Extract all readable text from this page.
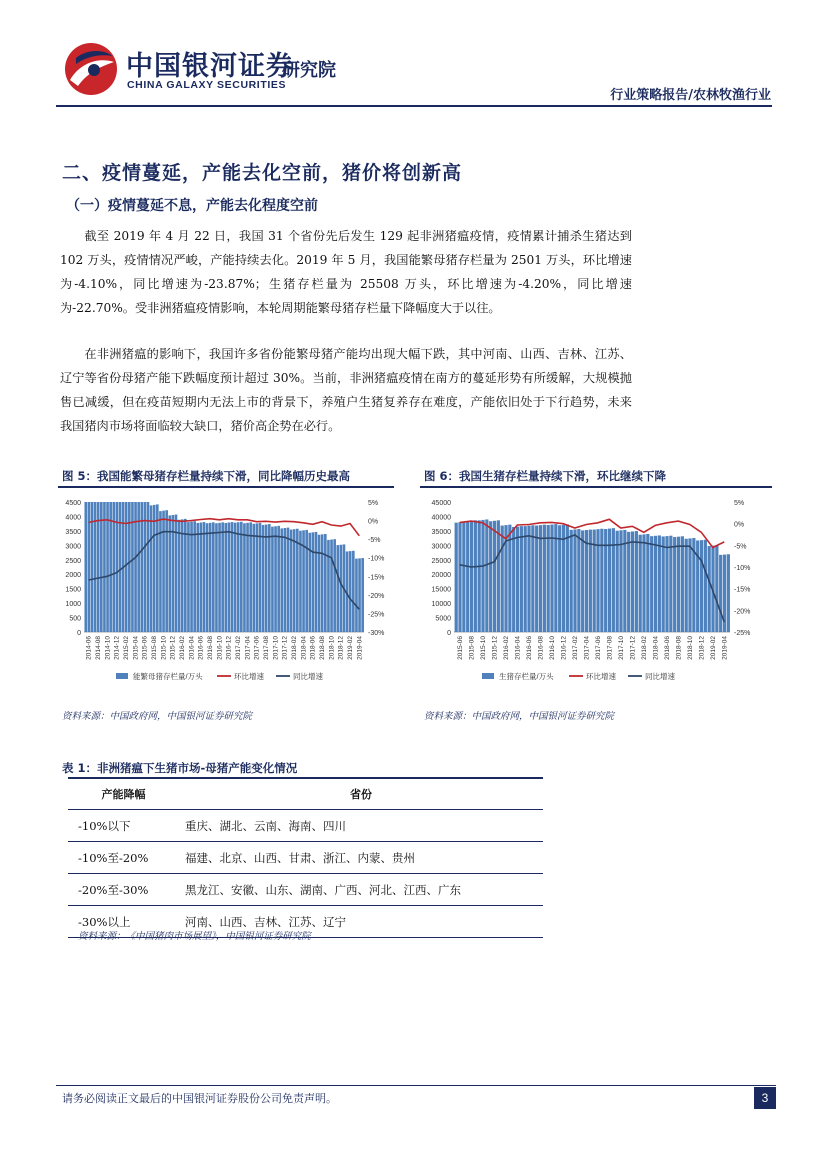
中国银河证券
CHINA GALAXY SECURITIES
研究院
行业策略报告/农林牧渔行业
二、疫情蔓延，产能去化空前，猪价将创新高
（一）疫情蔓延不息，产能去化程度空前
截至 2019 年 4 月 22 日，我国 31 个省份先后发生 129 起非洲猪瘟疫情，疫情累计捕杀生猪达到 102 万头，疫情情况严峻，产能持续去化。2019 年 5 月，我国能繁母猪存栏量为 2501 万头，环比增速为-4.10%，同比增速为-23.87%；生猪存栏量为 25508 万头，环比增速为-4.20%，同比增速为-22.70%。受非洲猪瘟疫情影响，本轮周期能繁母猪存栏量下降幅度大于以往。
在非洲猪瘟的影响下，我国许多省份能繁母猪产能均出现大幅下跌，其中河南、山西、吉林、江苏、辽宁等省份母猪产能下跌幅度预计超过 30%。当前，非洲猪瘟疫情在南方的蔓延形势有所缓解，大规模抛售已减缓，但在疫苗短期内无法上市的背景下，养殖户生猪复养存在难度，产能依旧处于下行趋势，未来我国猪肉市场将面临较大缺口，猪价高企势在必行。
图 5：我国能繁母猪存栏量持续下滑，同比降幅历史最高
4500
4000
3500
3000
2500
2000
1500
1000
500
0
5%
0%
-5%
-10%
-15%
-20%
-25%
-30%
2014-06 2014-08 2014-10 2014-12 2015-02 2015-04 2015-06 2015-08 2015-10 2015-12 2016-02 2016-04 2016-06 2016-08 2016-10 2016-12 2017-02 2017-04 2017-06 2017-08 2017-10 2017-12 2018-02 2018-04 2018-06 2018-08 2018-10 2018-12 2019-02 2019-04
能繁母猪存栏量/万头	环比增速	同比增速
资料来源：中国政府网，中国银河证券研究院
图 6：我国生猪存栏量持续下滑，环比继续下降
45000
40000
35000
30000
25000
20000
15000
10000
5000
0
5%
0%
-5%
-10%
-15%
-20%
-25%
2015-06 2015-08 2015-10 2015-12 2016-02 2016-04 2016-06 2016-08 2016-10 2016-12 2017-02 2017-04 2017-06 2017-08 2017-10 2017-12 2018-02 2018-04 2018-06 2018-08 2018-10 2018-12 2019-02 2019-04
生猪存栏量/万头	环比增速	同比增速
资料来源：中国政府网，中国银河证券研究院
表 1：非洲猪瘟下生猪市场-母猪产能变化情况
产能降幅	省份
-10%以下	重庆、湖北、云南、海南、四川
-10%至-20%	福建、北京、山西、甘肃、浙江、内蒙、贵州
-20%至-30%	黑龙江、安徽、山东、湖南、广西、河北、江西、广东
-30%以上	河南、山西、吉林、江苏、辽宁
资料来源：《中国猪肉市场展望》，中国银河证券研究院
请务必阅读正文最后的中国银河证券股份公司免责声明。	3
